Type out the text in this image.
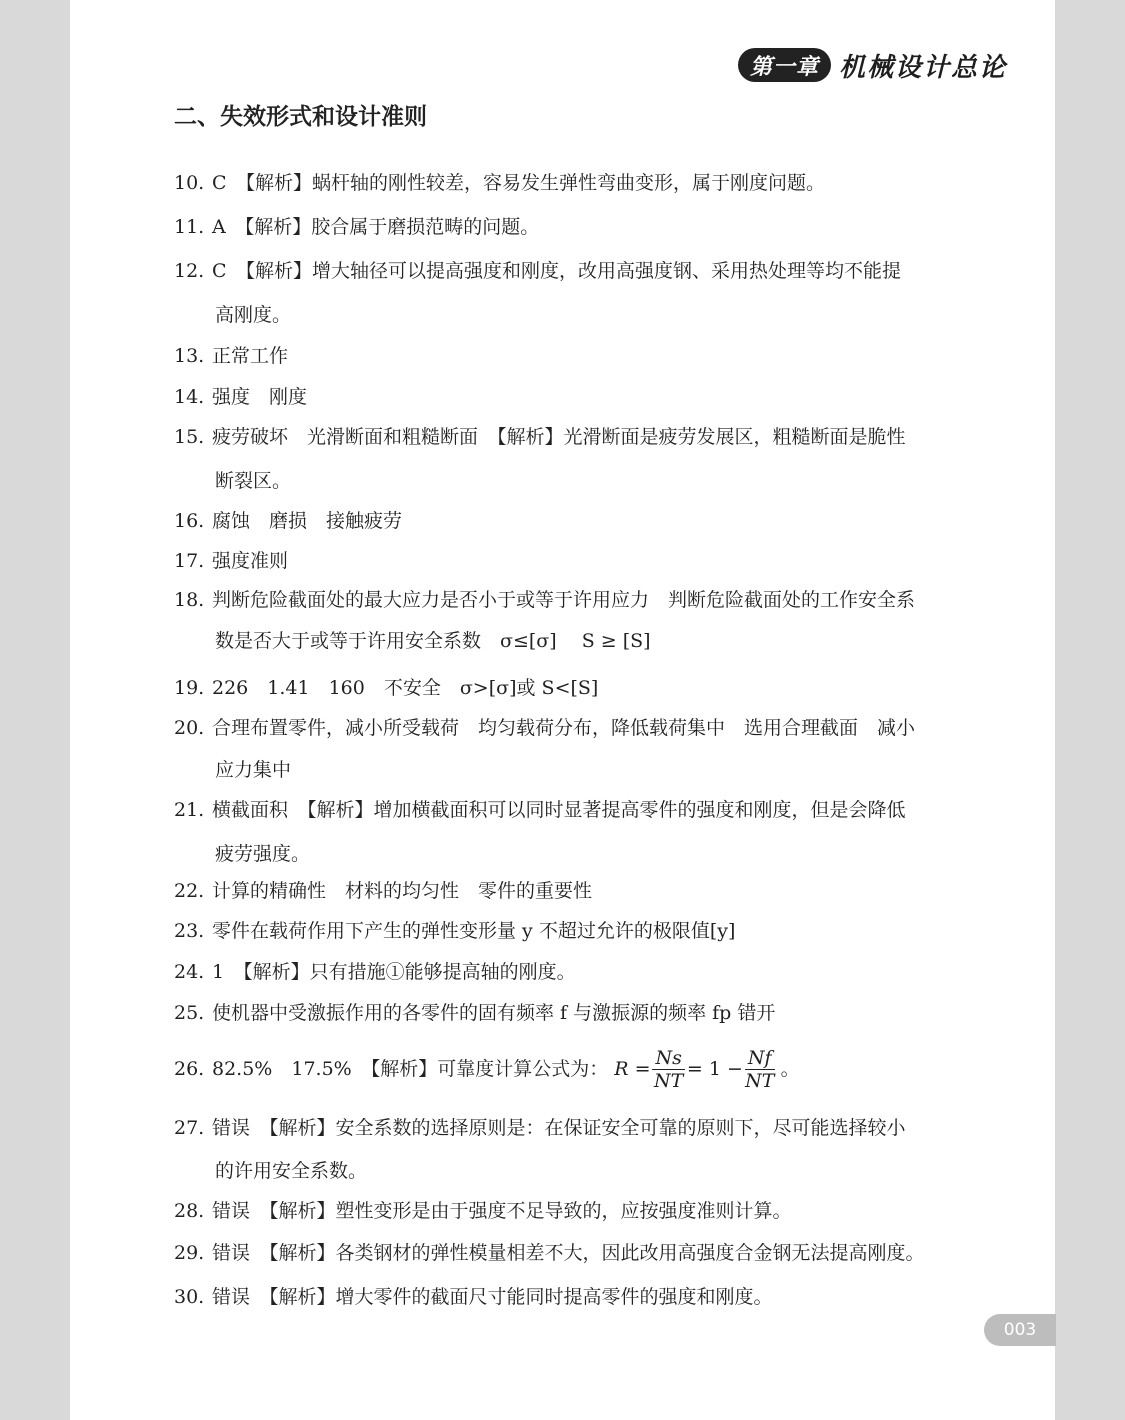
第一章 机械设计总论
二、失效形式和设计准则
10. C　【解析】蜗杆轴的刚性较差，容易发生弹性弯曲变形，属于刚度问题。
11. A　【解析】胶合属于磨损范畴的问题。
12. C　【解析】增大轴径可以提高强度和刚度，改用高强度钢、采用热处理等均不能提
高刚度。
13. 正常工作
14. 强度　刚度
15. 疲劳破坏　光滑断面和粗糙断面　【解析】光滑断面是疲劳发展区，粗糙断面是脆性
断裂区。
16. 腐蚀　磨损　接触疲劳
17. 强度准则
18. 判断危险截面处的最大应力是否小于或等于许用应力　判断危险截面处的工作安全系
数是否大于或等于许用安全系数　σ≤[σ]　 S ≥ [S]
19. 226　1.41　160　不安全　σ>[σ]或 S<[S]
20. 合理布置零件，减小所受载荷　均匀载荷分布，降低载荷集中　选用合理截面　减小
应力集中
21. 横截面积　【解析】增加横截面积可以同时显著提高零件的强度和刚度，但是会降低
疲劳强度。
22. 计算的精确性　材料的均匀性　零件的重要性
23. 零件在载荷作用下产生的弹性变形量 y 不超过允许的极限值[y]
24. 1　【解析】只有措施①能够提高轴的刚度。
25. 使机器中受激振作用的各零件的固有频率 f 与激振源的频率 fp 错开
26. 82.5%　17.5%　【解析】可靠度计算公式为： $R = \frac{Ns}{NT} = 1 - \frac{Nf}{NT}$ 。
27. 错误　【解析】安全系数的选择原则是：在保证安全可靠的原则下，尽可能选择较小
的许用安全系数。
28. 错误　【解析】塑性变形是由于强度不足导致的，应按强度准则计算。
29. 错误　【解析】各类钢材的弹性模量相差不大，因此改用高强度合金钢无法提高刚度。
30. 错误　【解析】增大零件的截面尺寸能同时提高零件的强度和刚度。
003
